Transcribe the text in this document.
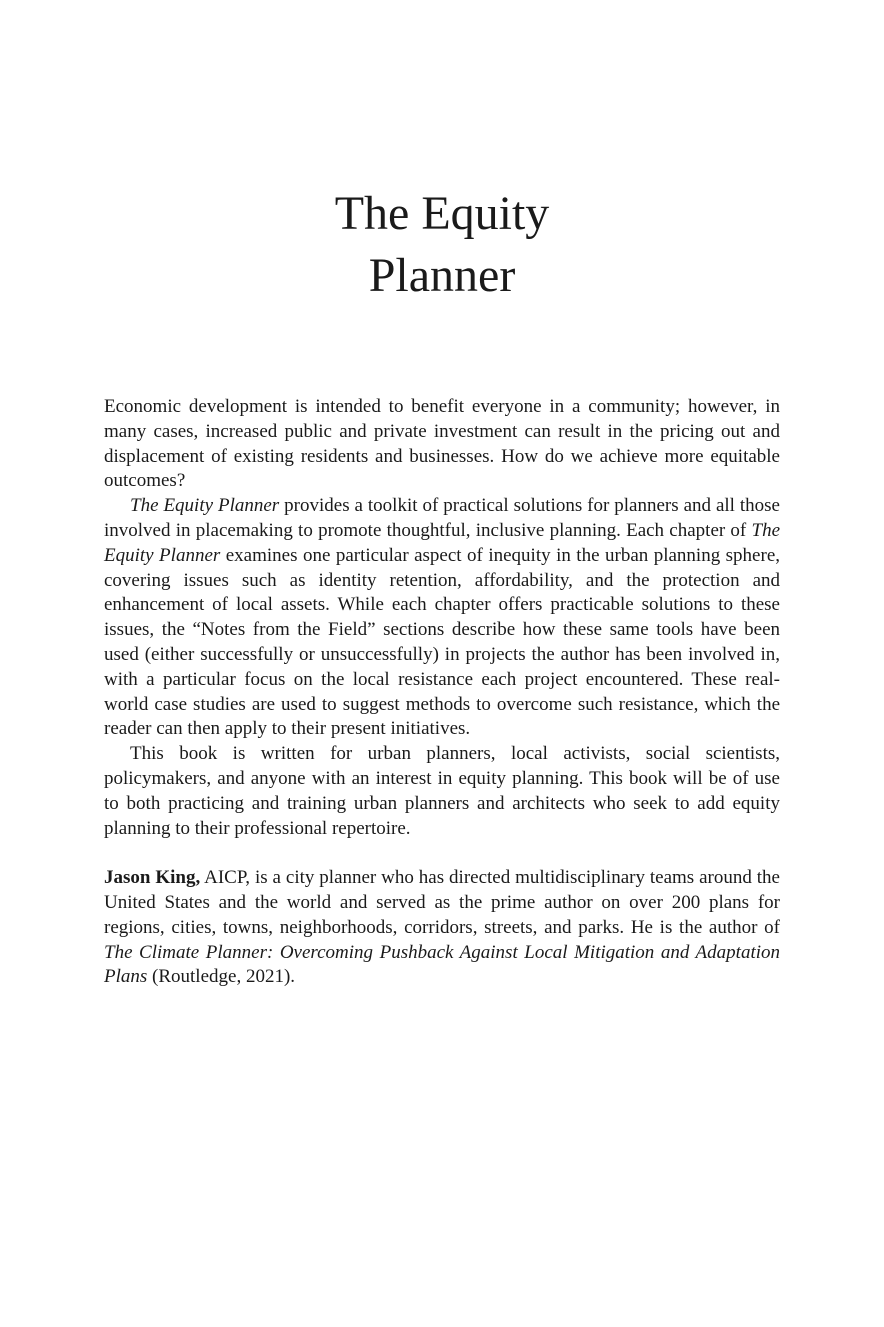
The Equity
Planner

Economic development is intended to benefit everyone in a community; however, in many cases, increased public and private investment can result in the pricing out and displacement of existing residents and businesses. How do we achieve more equitable outcomes?

The Equity Planner provides a toolkit of practical solutions for planners and all those involved in placemaking to promote thoughtful, inclusive planning. Each chapter of The Equity Planner examines one particular aspect of inequity in the urban planning sphere, covering issues such as identity retention, affordability, and the protection and enhancement of local assets. While each chapter offers practicable solutions to these issues, the “Notes from the Field” sections describe how these same tools have been used (either successfully or unsuccessfully) in projects the author has been involved in, with a particular focus on the local resistance each project encountered. These real-world case studies are used to suggest methods to overcome such resistance, which the reader can then apply to their present initiatives.

This book is written for urban planners, local activists, social scientists, policymakers, and anyone with an interest in equity planning. This book will be of use to both practicing and training urban planners and architects who seek to add equity planning to their professional repertoire.

Jason King, AICP, is a city planner who has directed multidisciplinary teams around the United States and the world and served as the prime author on over 200 plans for regions, cities, towns, neighborhoods, corridors, streets, and parks. He is the author of The Climate Planner: Overcoming Pushback Against Local Mitigation and Adaptation Plans (Routledge, 2021).
